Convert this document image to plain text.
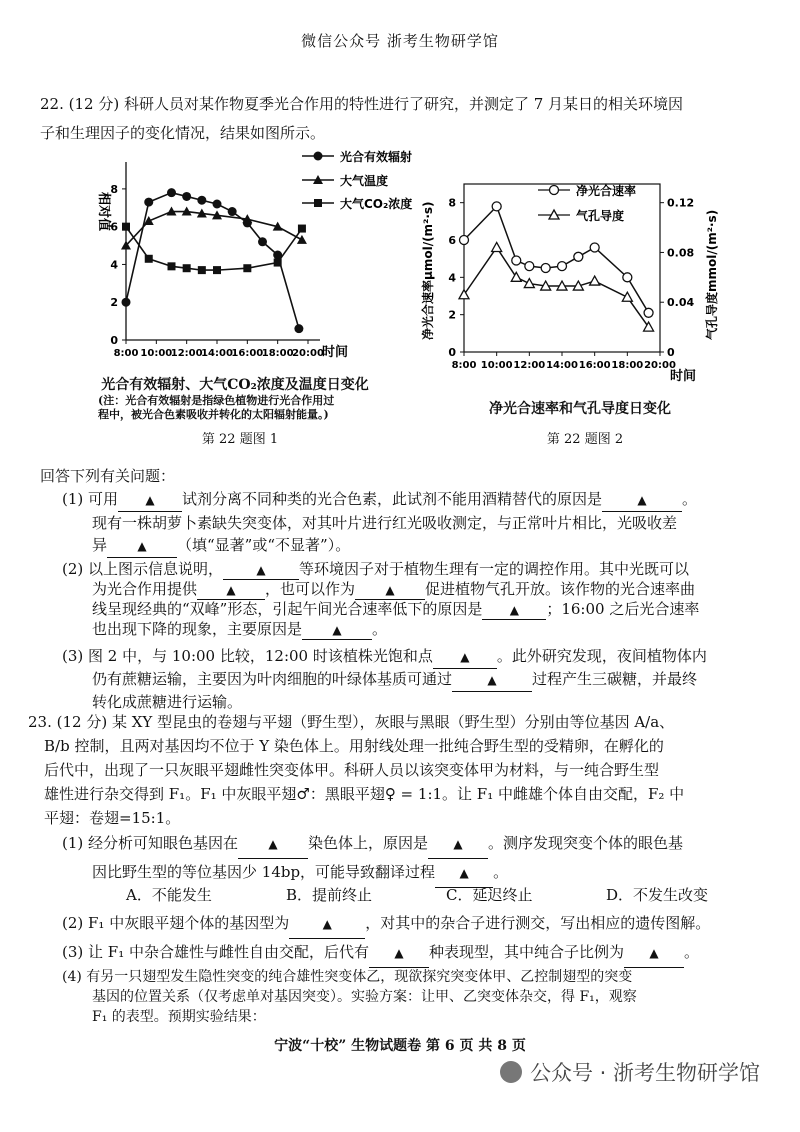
微信公众号 浙考生物研学馆
22. (12 分) 科研人员对某作物夏季光合作用的特性进行了研究，并测定了 7 月某日的相关环境因
子和生理因子的变化情况，结果如图所示。
0
2
4
6
8
8:00 10:00
12:00
14:00
16:00
18:00
20:00
相对值
时间
光合有效辐射
大气温度
大气CO₂浓度
光合有效辐射、大气CO₂浓度及温度日变化
(注：光合有效辐射是指绿色植物进行光合作用过
程中，被光合色素吸收并转化的太阳辐射能量。)
第 22 题图 1
0
2
4
6
8
0
0.04
0.08
0.12
8:00 10:00 12:00 14:00 16:00 18:00 20:00
净光合速率μmol/(m²·s)	气孔导度mmol/(m²·s)
时间
净光合速率
气孔导度
净光合速率和气孔导度日变化
第 22 题图 2
回答下列有关问题：
(1) 可用 ▲ 试剂分离不同种类的光合色素，此试剂不能用酒精替代的原因是	▲ 。
现有一株胡萝卜素缺失突变体，对其叶片进行红光吸收测定，与正常叶片相比，光吸收差
异	▲ （填“显著”或“不显著”）。
(2) 以上图示信息说明，	▲ 等环境因子对于植物生理有一定的调控作用。其中光既可以
为光合作用提供 ▲ ，也可以作为	▲ 促进植物气孔开放。该作物的光合速率曲
线呈现经典的“双峰”形态，引起午间光合速率低下的原因是 ▲ ；16:00 之后光合速率
也出现下降的现象，主要原因是	▲ 。
(3) 图 2 中，与 10:00 比较，12:00 时该植株光饱和点 ▲ 。此外研究发现，夜间植物体内
仍有蔗糖运输，主要因为叶肉细胞的叶绿体基质可通过	▲ 过程产生三碳糖，并最终
转化成蔗糖进行运输。
23. (12 分) 某 XY 型昆虫的卷翅与平翅（野生型），灰眼与黑眼（野生型）分别由等位基因 A/a、
B/b 控制，且两对基因均不位于 Y 染色体上。用射线处理一批纯合野生型的受精卵，在孵化的
后代中，出现了一只灰眼平翅雌性突变体甲。科研人员以该突变体甲为材料，与一纯合野生型
雄性进行杂交得到 F₁。F₁ 中灰眼平翅♂：黑眼平翅♀ = 1:1。让 F₁ 中雌雄个体自由交配，F₂ 中
平翅：卷翅=15:1。
(1) 经分析可知眼色基因在	▲ 染色体上，原因是 ▲ 。测序发现突变个体的眼色基
因比野生型的等位基因少 14bp，可能导致翻译过程 ▲ 。
A．不能发生	B．提前终止	C．延迟终止	D．不发生改变
(2) F₁ 中灰眼平翅个体的基因型为	▲ ，对其中的杂合子进行测交，写出相应的遗传图解。
(3) 让 F₁ 中杂合雄性与雌性自由交配，后代有 ▲ 种表现型，其中纯合子比例为 ▲ 。
宁波“十校” 生物试题卷 第 6 页 共 8 页
公众号 · 浙考生物研学馆
(4) 有另一只翅型发生隐性突变的纯合雄性突变体乙，现欲探究突变体甲、乙控制翅型的突变
基因的位置关系（仅考虑单对基因突变）。实验方案：让甲、乙突变体杂交，得 F₁，观察
F₁ 的表型。预期实验结果：
